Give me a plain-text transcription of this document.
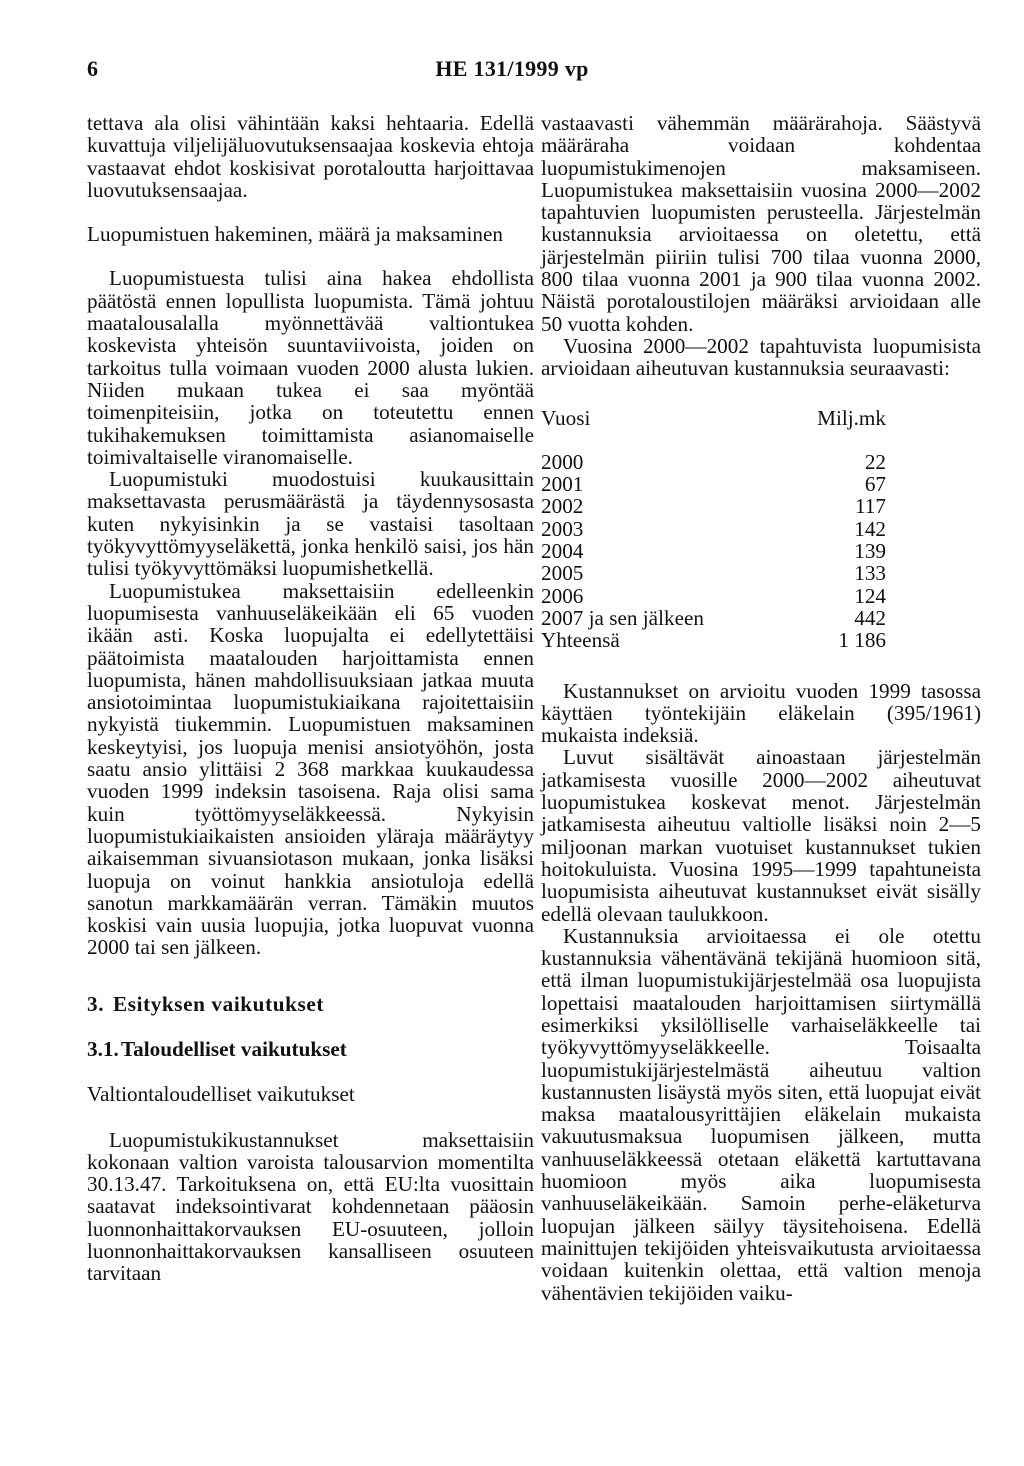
6	HE 131/1999 vp

tettava ala olisi vähintään kaksi hehtaaria. Edellä kuvattuja viljelijäluovutuksensaajaa koskevia ehtoja vastaavat ehdot koskisivat porotaloutta harjoittavaa luovutuksensaajaa.

Luopumistuen hakeminen, määrä ja maksaminen

Luopumistuesta tulisi aina hakea ehdollista päätöstä ennen lopullista luopumista. Tämä johtuu maatalousalalla myönnettävää valtiontukea koskevista yhteisön suuntaviivoista, joiden on tarkoitus tulla voimaan vuoden 2000 alusta lukien. Niiden mukaan tukea ei saa myöntää toimenpiteisiin, jotka on toteutettu ennen tukihakemuksen toimittamista asianomaiselle toimivaltaiselle viranomaiselle.

Luopumistuki muodostuisi kuukausittain maksettavasta perusmäärästä ja täydennysosasta kuten nykyisinkin ja se vastaisi tasoltaan työkyvyttömyyseläkettä, jonka henkilö saisi, jos hän tulisi työkyvyttömäksi luopumishetkellä.

Luopumistukea maksettaisiin edelleenkin luopumisesta vanhuuseläkeikään eli 65 vuoden ikään asti. Koska luopujalta ei edellytettäisi päätoimista maatalouden harjoittamista ennen luopumista, hänen mahdollisuuksiaan jatkaa muuta ansiotoimintaa luopumistukiaikana rajoitettaisiin nykyistä tiukemmin. Luopumistuen maksaminen keskeytyisi, jos luopuja menisi ansiotyöhön, josta saatu ansio ylittäisi 2 368 markkaa kuukaudessa vuoden 1999 indeksin tasoisena. Raja olisi sama kuin työttömyyseläkkeessä. Nykyisin luopumistukiaikaisten ansioiden yläraja määräytyy aikaisemman sivuansiotason mukaan, jonka lisäksi luopuja on voinut hankkia ansiotuloja edellä sanotun markkamäärän verran. Tämäkin muutos koskisi vain uusia luopujia, jotka luopuvat vuonna 2000 tai sen jälkeen.

3. Esityksen vaikutukset

3.1. Taloudelliset vaikutukset

Valtiontaloudelliset vaikutukset

Luopumistukikustannukset maksettaisiin kokonaan valtion varoista talousarvion momentilta 30.13.47. Tarkoituksena on, että EU:lta vuosittain saatavat indeksointivarat kohdennetaan pääosin luonnonhaittakorvauksen EU-osuuteen, jolloin luonnonhaittakorvauksen kansalliseen osuuteen tarvitaan

vastaavasti vähemmän määrärahoja. Säästyvä määräraha voidaan kohdentaa luopumistukimenojen maksamiseen. Luopumistukea maksettaisiin vuosina 2000—2002 tapahtuvien luopumisten perusteella. Järjestelmän kustannuksia arvioitaessa on oletettu, että järjestelmän piiriin tulisi 700 tilaa vuonna 2000, 800 tilaa vuonna 2001 ja 900 tilaa vuonna 2002. Näistä porotaloustilojen määräksi arvioidaan alle 50 vuotta kohden.

Vuosina 2000—2002 tapahtuvista luopumisista arvioidaan aiheutuvan kustannuksia seuraavasti:

Vuosi	Milj.mk
2000	22
2001	67
2002	117
2003	142
2004	139
2005	133
2006	124
2007 ja sen jälkeen	442
Yhteensä	1 186

Kustannukset on arvioitu vuoden 1999 tasossa käyttäen työntekijäin eläkelain (395/1961) mukaista indeksiä.

Luvut sisältävät ainoastaan järjestelmän jatkamisesta vuosille 2000—2002 aiheutuvat luopumistukea koskevat menot. Järjestelmän jatkamisesta aiheutuu valtiolle lisäksi noin 2—5 miljoonan markan vuotuiset kustannukset tukien hoitokuluista. Vuosina 1995—1999 tapahtuneista luopumisista aiheutuvat kustannukset eivät sisälly edellä olevaan taulukkoon.

Kustannuksia arvioitaessa ei ole otettu kustannuksia vähentävänä tekijänä huomioon sitä, että ilman luopumistukijärjestelmää osa luopujista lopettaisi maatalouden harjoittamisen siirtymällä esimerkiksi yksilölliselle varhaiseläkkeelle tai työkyvyttömyyseläkkeelle. Toisaalta luopumistukijärjestelmästä aiheutuu valtion kustannusten lisäystä myös siten, että luopujat eivät maksa maatalousyrittäjien eläkelain mukaista vakuutusmaksua luopumisen jälkeen, mutta vanhuuseläkkeessä otetaan eläkettä kartuttavana huomioon myös aika luopumisesta vanhuuseläkeikään. Samoin perhe-eläketurva luopujan jälkeen säilyy täysitehoisena. Edellä mainittujen tekijöiden yhteisvaikutusta arvioitaessa voidaan kuitenkin olettaa, että valtion menoja vähentävien tekijöiden vaiku-
